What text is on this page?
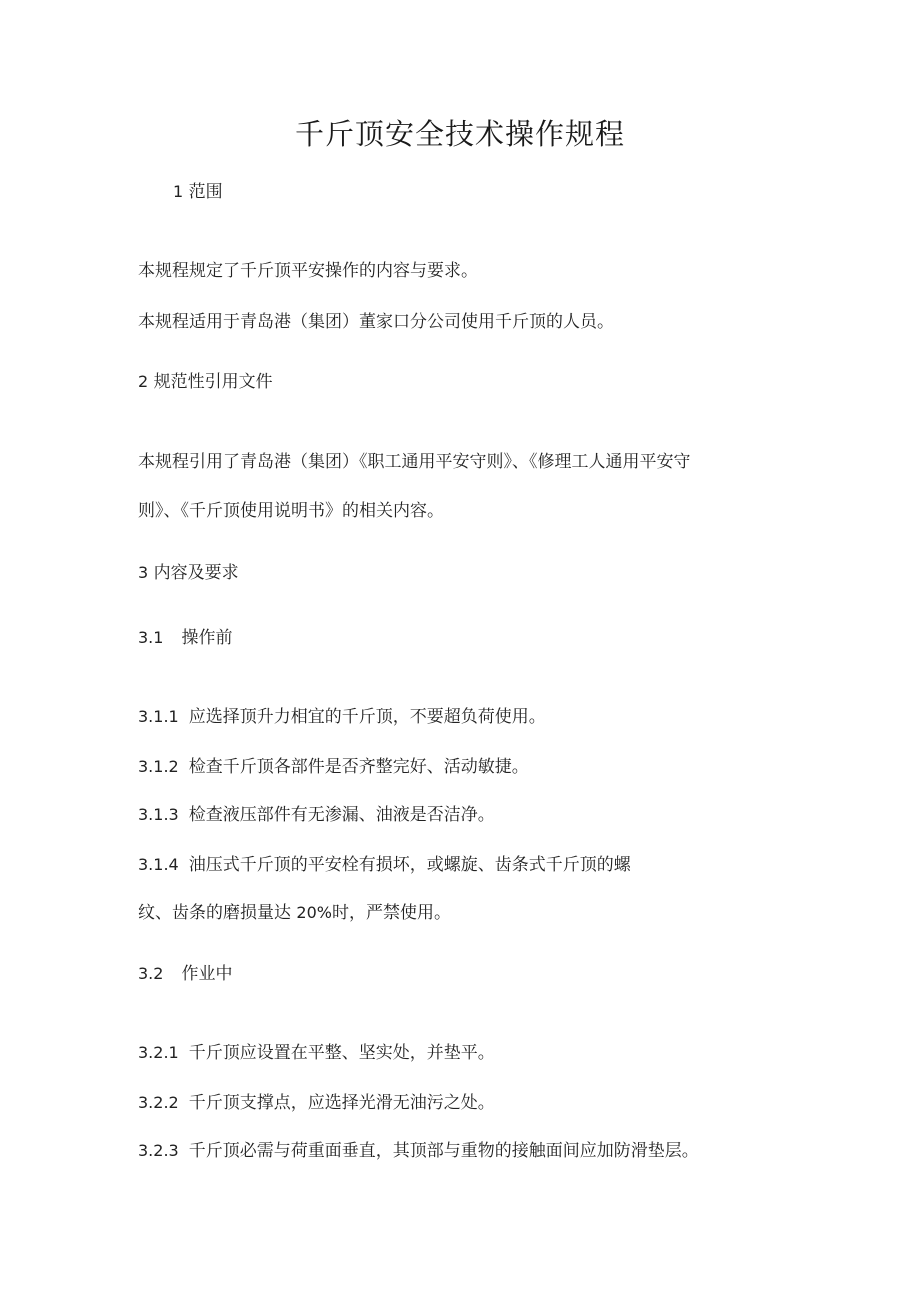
千斤顶安全技术操作规程
1 范围
本规程规定了千斤顶平安操作的内容与要求。
本规程适用于青岛港（集团）董家口分公司使用千斤顶的人员。
2 规范性引用文件
本规程引用了青岛港（集团）《职工通用平安守则》、《修理工人通用平安守
则》、《千斤顶使用说明书》的相关内容。
3 内容及要求
3.1 操作前
3.1.1 应选择顶升力相宜的千斤顶，不要超负荷使用。
3.1.2 检查千斤顶各部件是否齐整完好、活动敏捷。
3.1.3 检查液压部件有无渗漏、油液是否洁净。
3.1.4 油压式千斤顶的平安栓有损坏，或螺旋、齿条式千斤顶的螺
纹、齿条的磨损量达 20%时，严禁使用。
3.2 作业中
3.2.1 千斤顶应设置在平整、坚实处，并垫平。
3.2.2 千斤顶支撑点，应选择光滑无油污之处。
3.2.3 千斤顶必需与荷重面垂直，其顶部与重物的接触面间应加防滑垫层。
